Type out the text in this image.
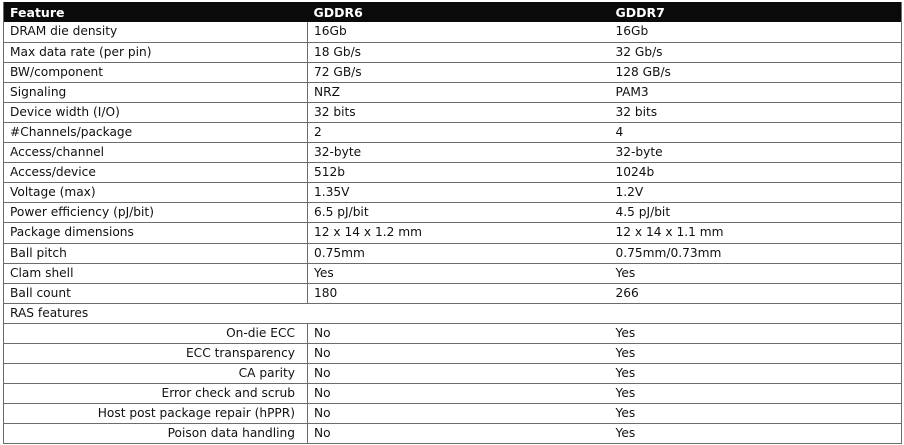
Feature	GDDR6	GDDR7
DRAM die density	16Gb	16Gb
Max data rate (per pin)	18 Gb/s	32 Gb/s
BW/component	72 GB/s	128 GB/s
Signaling	NRZ	PAM3
Device width (I/O)	32 bits	32 bits
#Channels/package	2	4
Access/channel	32-byte	32-byte
Access/device	512b	1024b
Voltage (max)	1.35V	1.2V
Power efficiency (pJ/bit)	6.5 pJ/bit	4.5 pJ/bit
Package dimensions	12 x 14 x 1.2 mm	12 x 14 x 1.1 mm
Ball pitch	0.75mm	0.75mm/0.73mm
Clam shell	Yes	Yes
Ball count	180	266
RAS features		
On-die ECC	No	Yes
ECC transparency	No	Yes
CA parity	No	Yes
Error check and scrub	No	Yes
Host post package repair (hPPR)	No	Yes
Poison data handling	No	Yes
